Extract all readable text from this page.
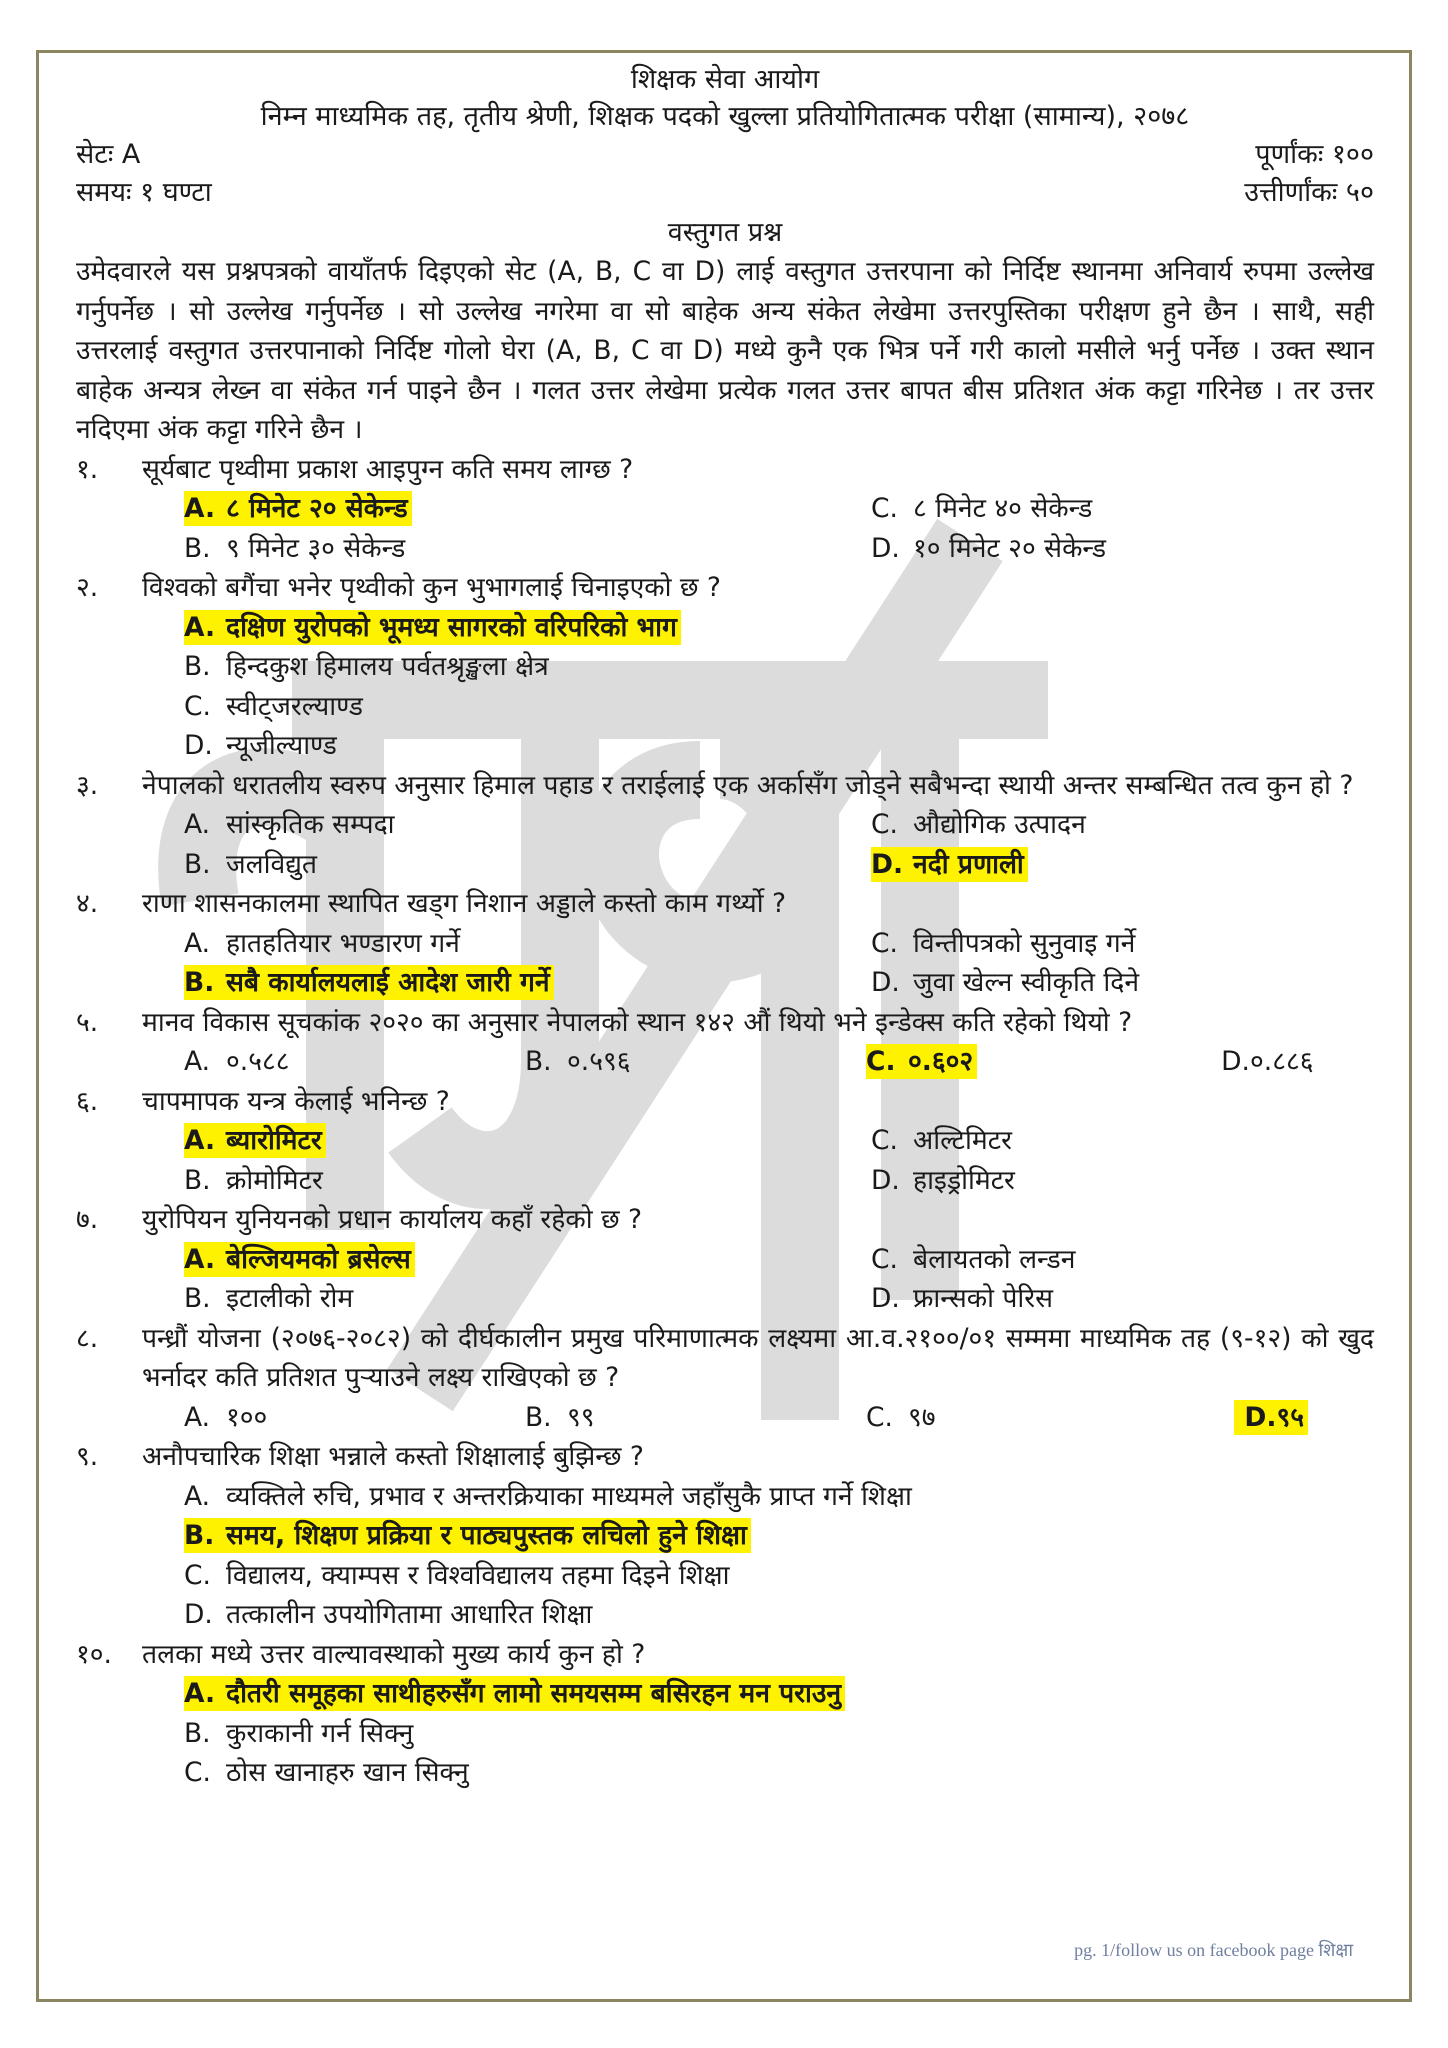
शिक्षक सेवा आयोग
निम्न माध्यमिक तह, तृतीय श्रेणी, शिक्षक पदको खुल्ला प्रतियोगितात्मक परीक्षा (सामान्य), २०७८
सेटः A	पूर्णांकः १००
समयः १ घण्टा	उत्तीर्णांकः ५०
वस्तुगत प्रश्न
उमेदवारले यस प्रश्नपत्रको वायाँतर्फ दिइएको सेट (A, B, C वा D) लाई वस्तुगत उत्तरपाना को निर्दिष्ट स्थानमा अनिवार्य रुपमा उल्लेख गर्नुपर्नेछ । सो उल्लेख गर्नुपर्नेछ । सो उल्लेख नगरेमा वा सो बाहेक अन्य संकेत लेखेमा उत्तरपुस्तिका परीक्षण हुने छैन । साथै, सही उत्तरलाई वस्तुगत उत्तरपानाको निर्दिष्ट गोलो घेरा (A, B, C वा D) मध्ये कुनै एक भित्र पर्ने गरी कालो मसीले भर्नु पर्नेछ । उक्त स्थान बाहेक अन्यत्र लेख्न वा संकेत गर्न पाइने छैन । गलत उत्तर लेखेमा प्रत्येक गलत उत्तर बापत बीस प्रतिशत अंक कट्टा गरिनेछ । तर उत्तर नदिएमा अंक कट्टा गरिने छैन ।
१.	सूर्यबाट पृथ्वीमा प्रकाश आइपुग्न कति समय लाग्छ ?
A. ८ मिनेट २० सेकेन्ड	C. ८ मिनेट ४० सेकेन्ड
B. ९ मिनेट ३० सेकेन्ड	D. १० मिनेट २० सेकेन्ड
२.	विश्वको बगैंचा भनेर पृथ्वीको कुन भुभागलाई चिनाइएको छ ?
A. दक्षिण युरोपको भूमध्य सागरको वरिपरिको भाग
B. हिन्दकुश हिमालय पर्वतश्रृङ्खला क्षेत्र
C. स्वीट्जरल्याण्ड
D. न्यूजील्याण्ड
३.	नेपालको धरातलीय स्वरुप अनुसार हिमाल पहाड र तराईलाई एक अर्कासँग जोड्ने सबैभन्दा स्थायी अन्तर सम्बन्धित तत्व कुन हो ?
A. सांस्कृतिक सम्पदा	C. औद्योगिक उत्पादन
B. जलविद्युत	D. नदी प्रणाली
४.	राणा शासनकालमा स्थापित खड्ग निशान अड्डाले कस्तो काम गर्थ्यो ?
A. हातहतियार भण्डारण गर्ने	C. विन्तीपत्रको सुनुवाइ गर्ने
B. सबै कार्यालयलाई आदेश जारी गर्ने	D. जुवा खेल्न स्वीकृति दिने
५.	मानव विकास सूचकांक २०२० का अनुसार नेपालको स्थान १४२ औं थियो भने इन्डेक्स कति रहेको थियो ?
A. ०.५८८	B. ०.५९६	C. ०.६०२	D.०.८८६
६.	चापमापक यन्त्र केलाई भनिन्छ ?
A. ब्यारोमिटर	C. अल्टिमिटर
B. क्रोमोमिटर	D. हाइड्रोमिटर
७.	युरोपियन युनियनको प्रधान कार्यालय कहाँ रहेको छ ?
A. बेल्जियमको ब्रसेल्स	C. बेलायतको लन्डन
B. इटालीको रोम	D. फ्रान्सको पेरिस
८.	पन्ध्रौं योजना (२०७६-२०८२) को दीर्घकालीन प्रमुख परिमाणात्मक लक्ष्यमा आ.व.२१००/०१ सम्ममा माध्यमिक तह (९-१२) को खुद भर्नादर कति प्रतिशत पुर्‍याउने लक्ष्य राखिएको छ ?
A. १००	B. ९९	C. ९७	D.९५
९.	अनौपचारिक शिक्षा भन्नाले कस्तो शिक्षालाई बुझिन्छ ?
A. व्यक्तिले रुचि, प्रभाव र अन्तरक्रियाका माध्यमले जहाँसुकै प्राप्त गर्ने शिक्षा
B. समय, शिक्षण प्रक्रिया र पाठ्यपुस्तक लचिलो हुने शिक्षा
C. विद्यालय, क्याम्पस र विश्वविद्यालय तहमा दिइने शिक्षा
D. तत्कालीन उपयोगितामा आधारित शिक्षा
१०.	तलका मध्ये उत्तर वाल्यावस्थाको मुख्य कार्य कुन हो ?
A. दौतरी समूहका साथीहरुसँग लामो समयसम्म बसिरहन मन पराउनु
B. कुराकानी गर्न सिक्नु
C. ठोस खानाहरु खान सिक्नु
pg. 1/follow us on facebook page शिक्षा
